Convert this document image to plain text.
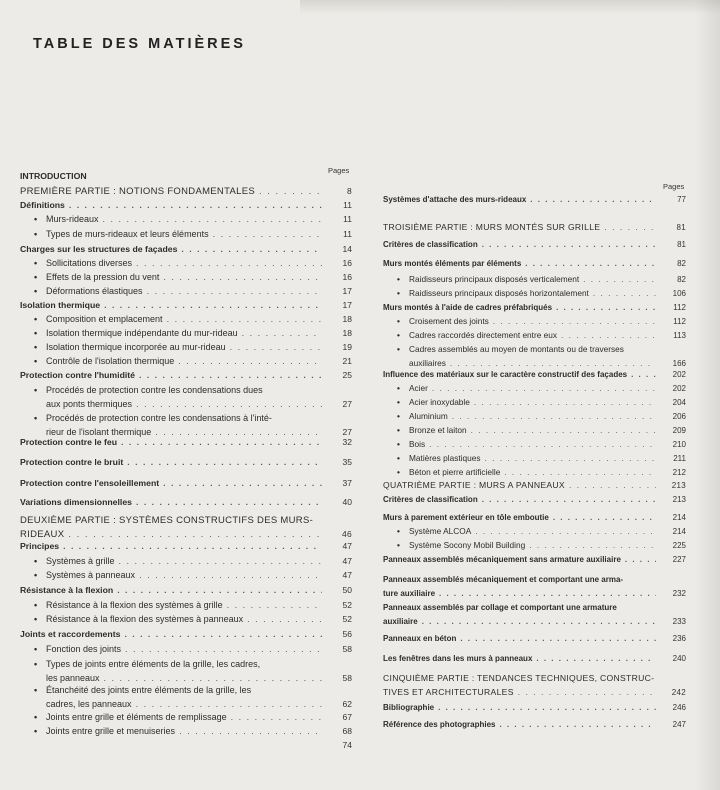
TABLE DES MATIÈRES
Pages
INTRODUCTION
PREMIÈRE PARTIE : NOTIONS FONDAMENTALES . . .	8
Définitions . . .	11
• Murs-rideaux . . .	11
• Types de murs-rideaux et leurs éléments . . .	11
Charges sur les structures de façades . . .	14
• Sollicitations diverses . . .	16
• Effets de la pression du vent . . .	16
• Déformations élastiques . . .	17
Isolation thermique . . .	17
• Composition et emplacement . . .	18
• Isolation thermique indépendante du mur-rideau . . .	18
• Isolation thermique incorporée au mur-rideau . . .	19
• Contrôle de l'isolation thermique . . .	21
Protection contre l'humidité . . .	25
• Procédés de protection contre les condensations dues
aux ponts thermiques . . .	27
• Procédés de protection contre les condensations à l'inté-
rieur de l'isolant thermique . . .	27
Protection contre le feu . . .	32
Protection contre le bruit . . .	35
Protection contre l'ensoleillement . . .	37
Variations dimensionnelles . . .	40
DEUXIÈME PARTIE : SYSTÈMES CONSTRUCTIFS DES MURS-
RIDEAUX . . .	46
Principes . . .	47
• Systèmes à grille . . .	47
• Systèmes à panneaux . . .	47
Résistance à la flexion . . .	50
• Résistance à la flexion des systèmes à grille . . .	52
• Résistance à la flexion des systèmes à panneaux . . .	52
Joints et raccordements . . .	56
• Fonction des joints . . .	58
• Types de joints entre éléments de la grille, les cadres,
les panneaux . . .	58
• Étanchéité des joints entre éléments de la grille, les
cadres, les panneaux . . .	62
• Joints entre grille et éléments de remplissage . . .	67
• Joints entre grille et menuiseries . . .	68
74
Pages
Systèmes d'attache des murs-rideaux . . .	77
TROISIÈME PARTIE : MURS MONTÉS SUR GRILLE . . .	81
Critères de classification . . .	81
Murs montés éléments par éléments . . .	82
• Raidisseurs principaux disposés verticalement . . .	82
• Raidisseurs principaux disposés horizontalement . . .	106
Murs montés à l'aide de cadres préfabriqués . . .	112
• Croisement des joints . . .	112
• Cadres raccordés directement entre eux . . .	113
• Cadres assemblés au moyen de montants ou de traverses
auxiliaires . . .	166
Influence des matériaux sur le caractère constructif des façades . . .	202
• Acier . . .	202
• Acier inoxydable . . .	204
• Aluminium . . .	206
• Bronze et laiton . . .	209
• Bois . . .	210
• Matières plastiques . . .	211
• Béton et pierre artificielle . . .	212
QUATRIÈME PARTIE : MURS A PANNEAUX . . .	213
Critères de classification . . .	213
Murs à parement extérieur en tôle emboutie . . .	214
• Système ALCOA . . .	214
• Système Socony Mobil Building . . .	225
Panneaux assemblés mécaniquement sans armature auxiliaire . . .	227
Panneaux assemblés mécaniquement et comportant une arma-
ture auxiliaire . . .	232
Panneaux assemblés par collage et comportant une armature
auxiliaire . . .	233
Panneaux en béton . . .	236
Les fenêtres dans les murs à panneaux . . .	240
CINQUIÈME PARTIE : TENDANCES TECHNIQUES, CONSTRUC-
TIVES ET ARCHITECTURALES . . .	242
Bibliographie . . .	246
Référence des photographies . . .	247
